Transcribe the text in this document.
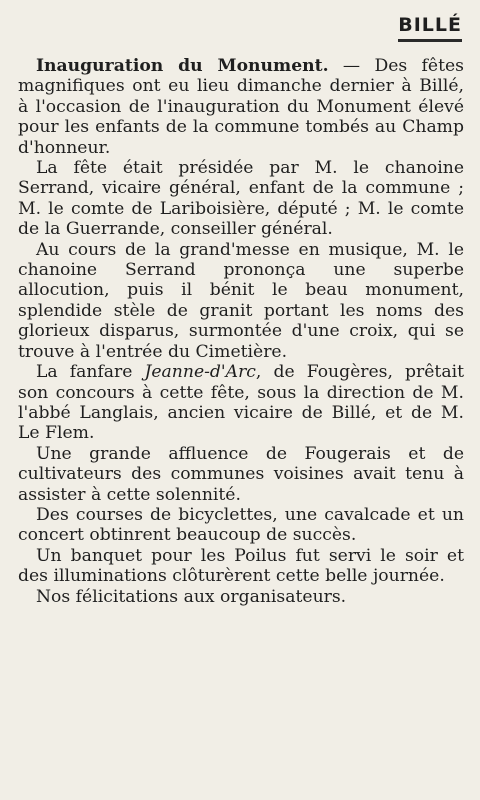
BILLÉ

Inauguration du Monument. — Des fêtes magnifiques ont eu lieu dimanche dernier à Billé, à l'occasion de l'inauguration du Monument élevé pour les enfants de la commune tombés au Champ d'honneur.

La fête était présidée par M. le chanoine Serrand, vicaire général, enfant de la commune ; M. le comte de Lariboisière, député ; M. le comte de la Guerrande, conseiller général.

Au cours de la grand'messe en musique, M. le chanoine Serrand prononça une superbe allocution, puis il bénit le beau monument, splendide stèle de granit portant les noms des glorieux disparus, surmontée d'une croix, qui se trouve à l'entrée du Cimetière.

La fanfare Jeanne-d'Arc, de Fougères, prêtait son concours à cette fête, sous la direction de M. l'abbé Langlais, ancien vicaire de Billé, et de M. Le Flem.

Une grande affluence de Fougerais et de cultivateurs des communes voisines avait tenu à assister à cette solennité.

Des courses de bicyclettes, une cavalcade et un concert obtinrent beaucoup de succès.

Un banquet pour les Poilus fut servi le soir et des illuminations clôturèrent cette belle journée.

Nos félicitations aux organisateurs.
